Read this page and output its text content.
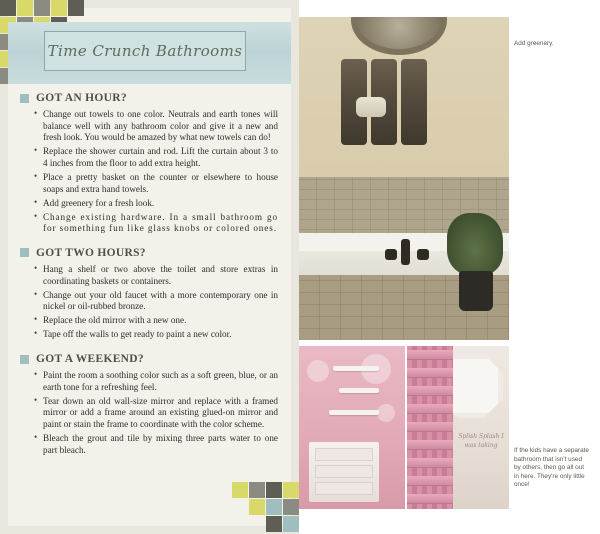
Time Crunch Bathrooms
GOT AN HOUR?
• Change out towels to one color. Neutrals and earth tones will balance well with any bathroom color and give it a new and fresh look. You would be amazed by what new towels can do!
• Replace the shower curtain and rod. Lift the curtain about 3 to 4 inches from the floor to add extra height.
• Place a pretty basket on the counter or elsewhere to house soaps and extra hand towels.
• Add greenery for a fresh look.
• Change existing hardware. In a small bathroom go for something fun like glass knobs or colored ones.
GOT TWO HOURS?
• Hang a shelf or two above the toilet and store extras in coordinating baskets or containers.
• Change out your old faucet with a more contemporary one in nickel or oil-rubbed bronze.
• Replace the old mirror with a new one.
• Tape off the walls to get ready to paint a new color.
GOT A WEEKEND?
• Paint the room a soothing color such as a soft green, blue, or an earth tone for a refreshing feel.
• Tear down an old wall-size mirror and replace with a framed mirror or add a frame around an existing glued-on mirror and paint or stain the frame to coordinate with the color scheme.
• Bleach the grout and tile by mixing three parts water to one part bleach.
Splish Splash I was taking
Add greenery.
If the kids have a separate bathroom that isn't used by others, then go all out in here. They're only little once!
